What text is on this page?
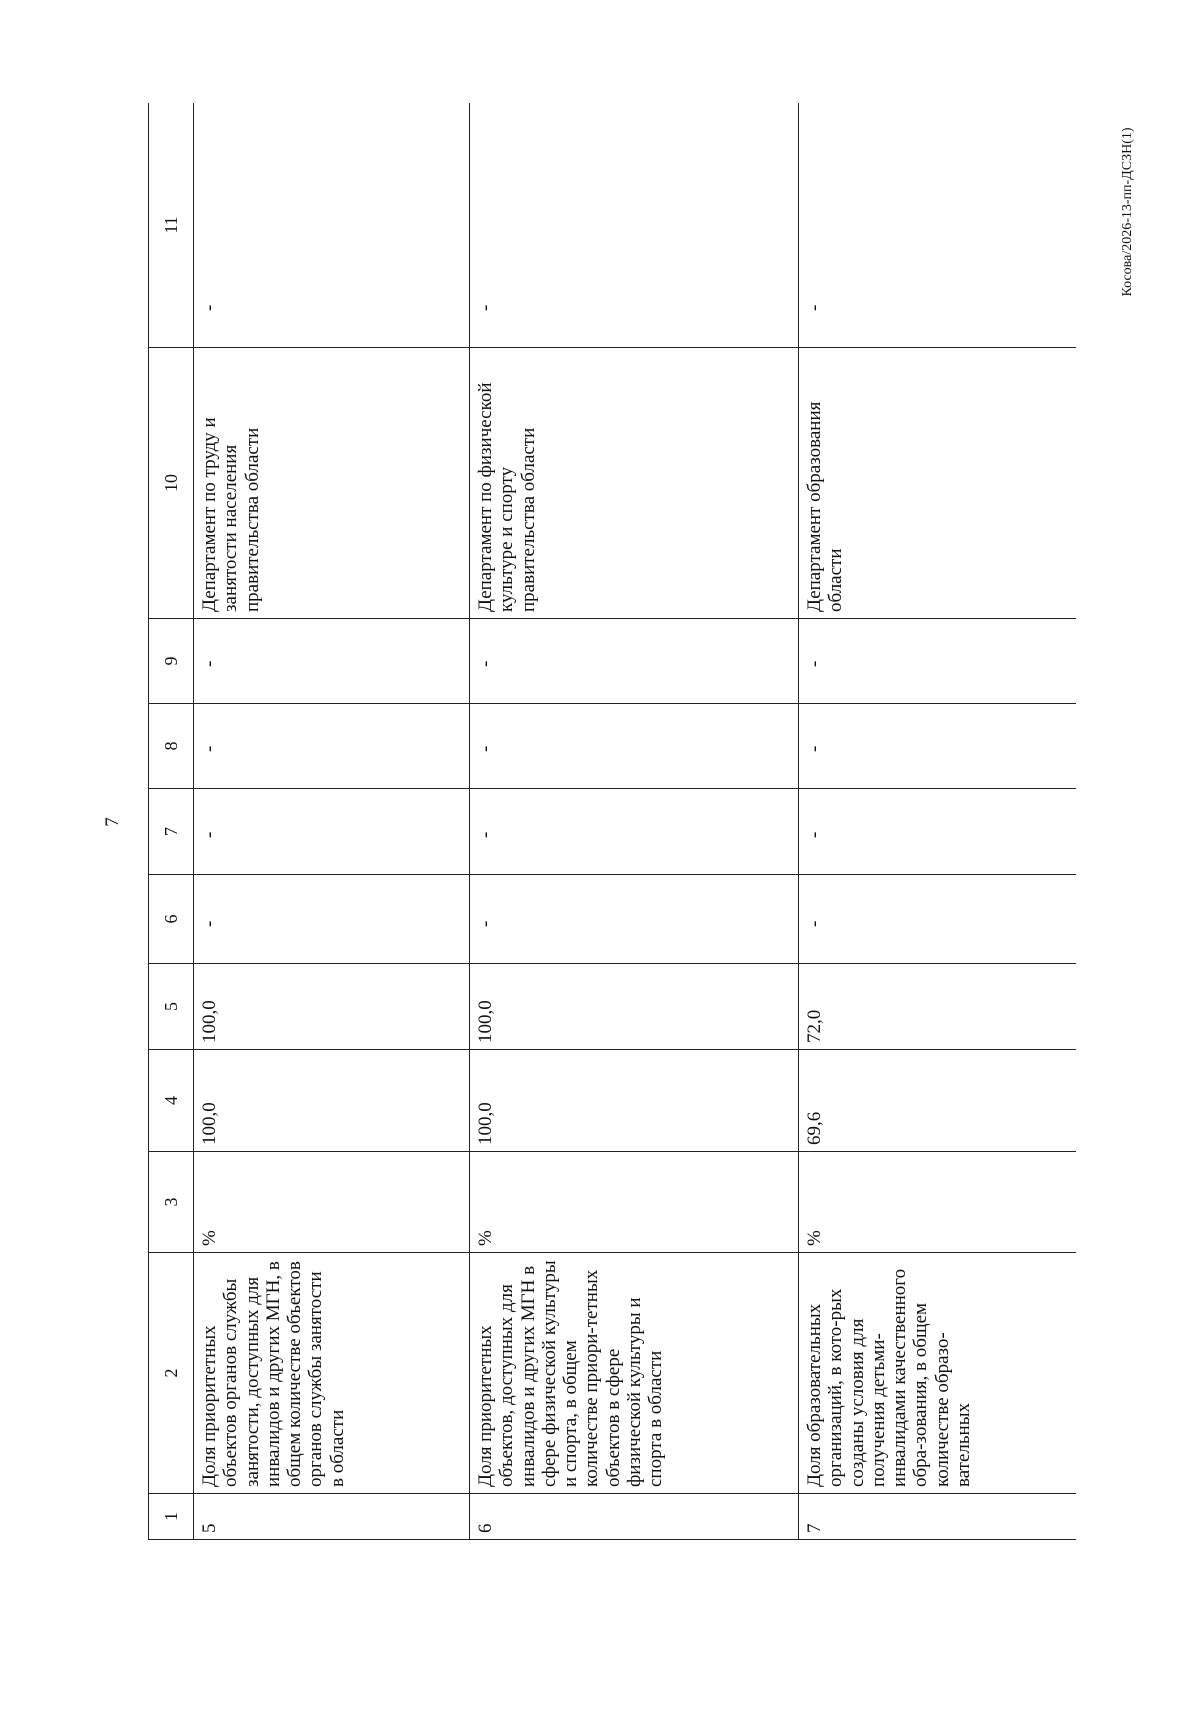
7
Косова/2026-13-пп-ДСЗН(1)
1	2	3	4	5	6	7	8	9	10	11
5	Доля приоритетных объектов органов службы занятости, доступных для инвалидов и других МГН, в общем количестве объектов органов службы занятости в области	%	100,0	100,0	-	-	-	-	Департамент по труду и занятости населения правительства области	-
6	Доля приоритетных объектов, доступных для инвалидов и других МГН в сфере физической культуры и спорта, в общем количестве приори-тетных объектов в сфере физической культуры и спорта в области	%	100,0	100,0	-	-	-	-	Департамент по физической культуре и спорту правительства области	-
7	Доля образовательных организаций, в кото-рых созданы условия для получения детьми-инвалидами качественного обра-зования, в общем количестве образо-вательных	%	69,6	72,0	-	-	-	-	Департамент образования области	-
